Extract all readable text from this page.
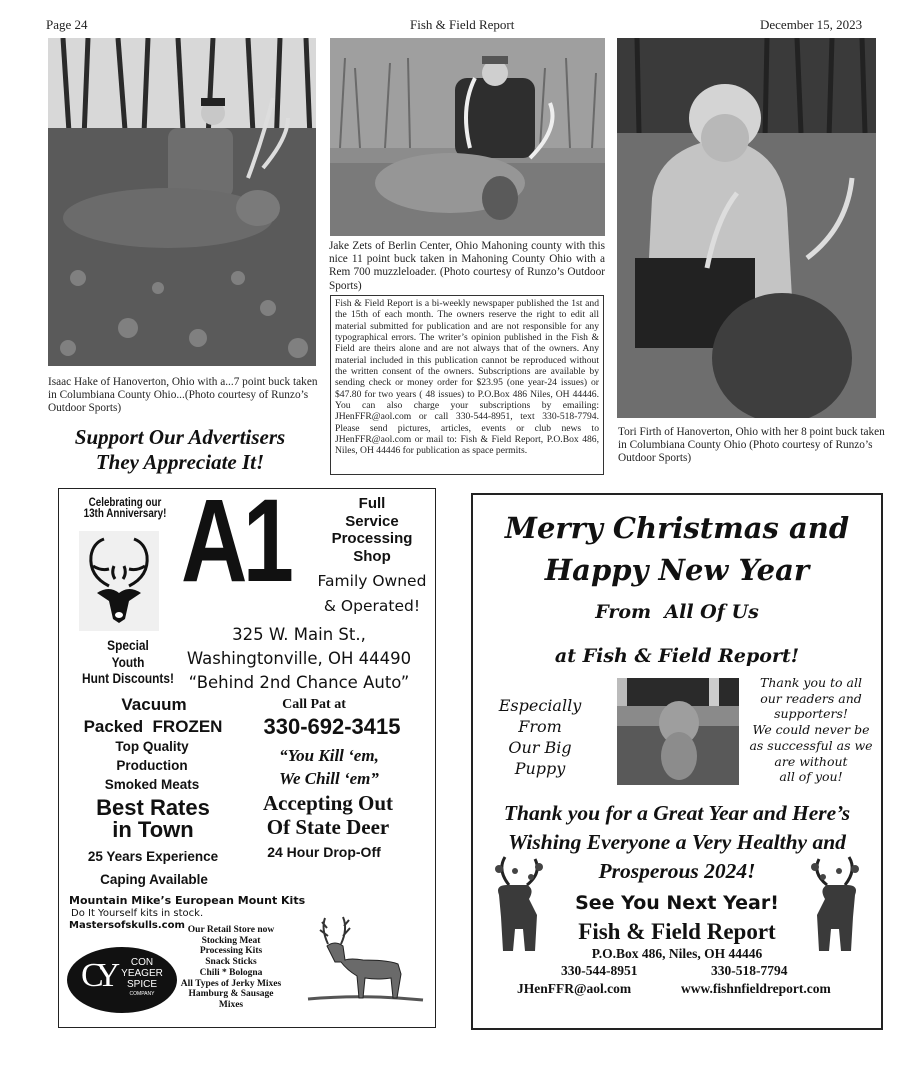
Page 24	Fish & Field Report	December 15, 2023
Isaac Hake of Hanoverton, Ohio with a...7 point buck taken in Columbiana County Ohio...(Photo courtesy of Runzo’s Outdoor Sports)
Support Our Advertisers
They Appreciate It!
Jake Zets of Berlin Center, Ohio Mahoning county with this nice 11 point buck taken in Mahoning County Ohio with a Rem 700 muzzleloader. (Photo courtesy of Runzo’s Outdoor Sports)
Fish & Field Report is a bi-weekly newspaper published the 1st and the 15th of each month. The owners reserve the right to edit all material submitted for publication and are not responsible for any typographical errors. The writer’s opinion published in the Fish & Field are theirs alone and are not always that of the owners. Any material included in this publication cannot be reproduced without the written consent of the owners. Subscriptions are available by sending check or money order for $23.95 (one year-24 issues) or $47.80 for two years ( 48 issues) to P.O.Box 486 Niles, OH 44446. You can also charge your subscriptions by emailing: JHenFFR@aol.com or call 330-544-8951, text 330-518-7794. Please send pictures, articles, events or club news to JHenFFR@aol.com or mail to: Fish & Field Report, P.O.Box 486, Niles, OH 44446 for publication as space permits.
Tori Firth of Hanoverton, Ohio with her 8 point buck taken in Columbiana County Ohio (Photo courtesy of Runzo’s Outdoor Sports)
Celebrating our
13th Anniversary! A1	Full
Service
Processing
Shop
Family Owned
& Operated!
Special
Youth
Hunt Discounts!
325 W. Main St.,
Washingtonville, OH 44490
“Behind 2nd Chance Auto”
Vacuum
Packed  FROZEN
Call Pat at
330-692-3415
Top Quality
Production
Smoked Meats
“You Kill ‘em,
We Chill ‘em”
Best Rates
in Town
Accepting Out
Of State Deer
25 Years Experience	24 Hour Drop-Off
Caping Available
Mountain Mike’s European Mount Kits
Do It Yourself kits in stock.
Mastersofskulls.com
CY	CON
YEAGER
SPICE
COMPANY
Our Retail Store now
Stocking Meat
Processing Kits
Snack Sticks
Chili * Bologna
All Types of Jerky Mixes
Hamburg & Sausage
Mixes
Merry Christmas and
Happy New Year
From  All Of Us
at Fish & Field Report!
Especially
From
Our Big Puppy
Thank you to all
our readers and
supporters!
We could never be
as successful as we
are without
all of you!
Thank you for a Great Year and Here’s
Wishing Everyone a Very Healthy and
Prosperous 2024!
See You Next Year!
Fish & Field Report
P.O.Box 486, Niles, OH 44446
330-544-8951	330-518-7794
JHenFFR@aol.com	www.fishnfieldreport.com
